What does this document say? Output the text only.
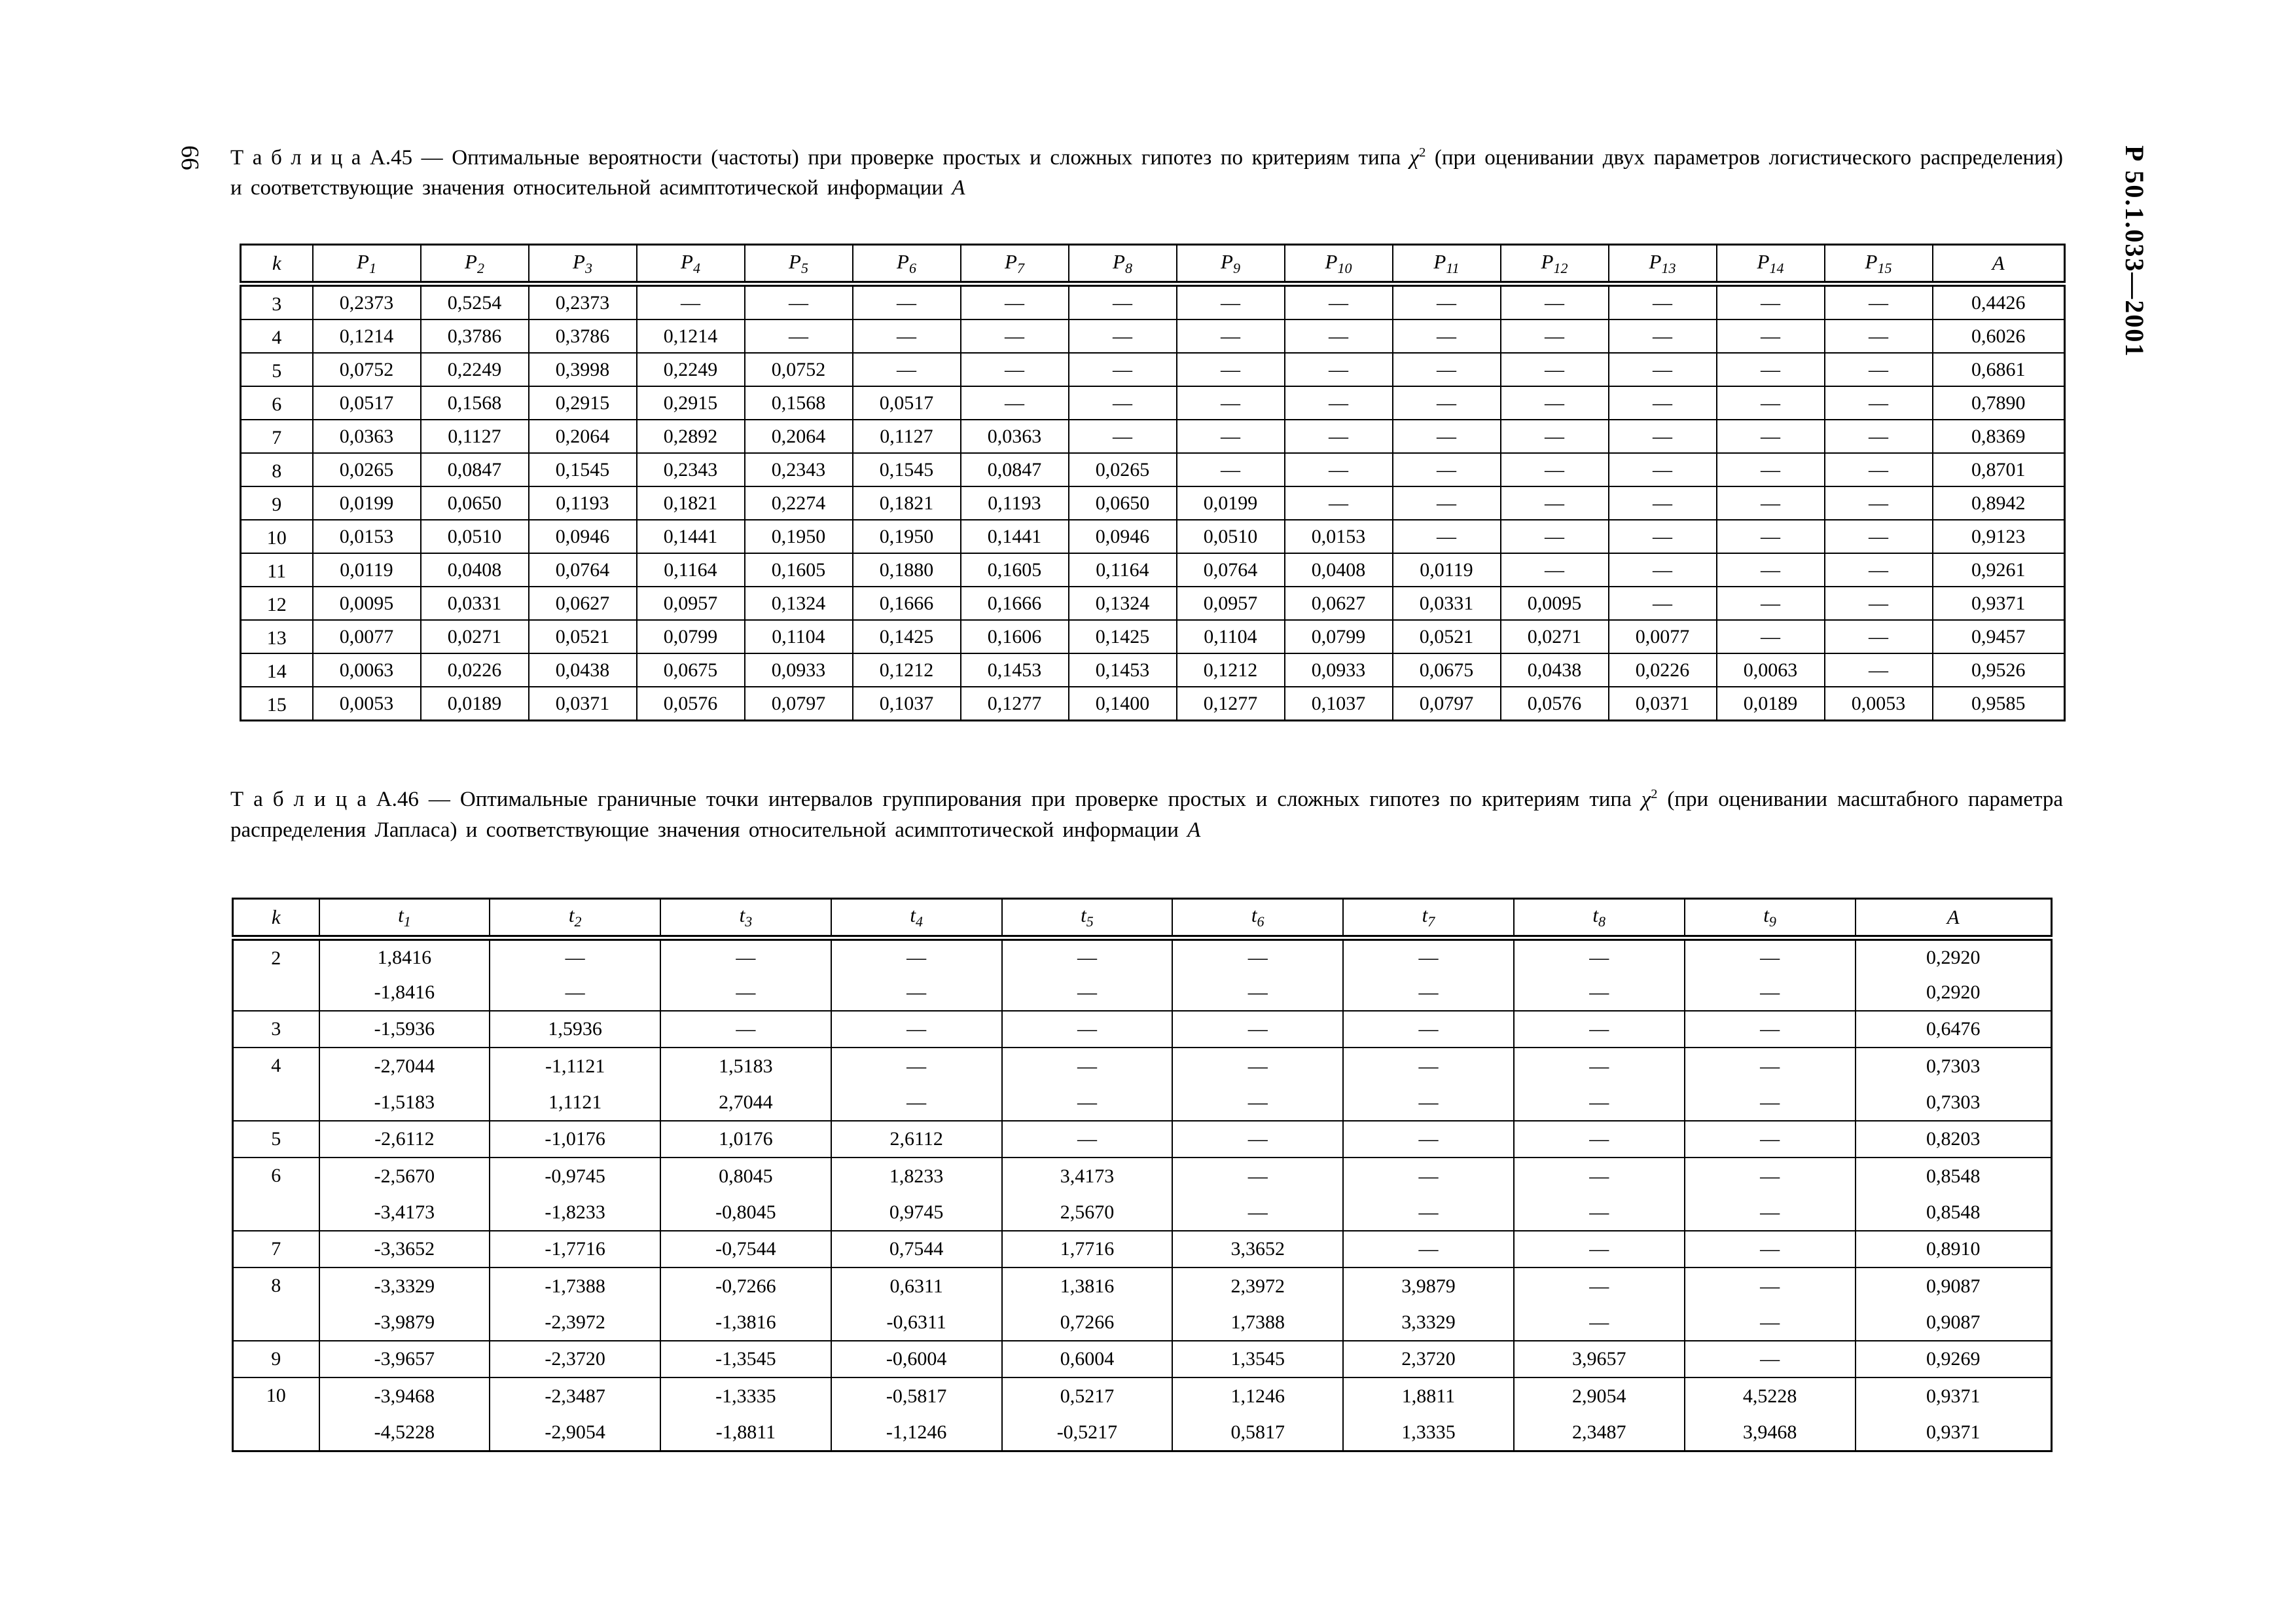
66	Р 50.1.033—2001

Т а б л и ц а А.45 — Оптимальные вероятности (частоты) при проверке простых и сложных гипотез по критериям типа $\chi^2$ (при оценивании двух параметров логистического распределения) и соответствующие значения относительной асимптотической информации А

k	$P_1$	$P_2$	$P_3$	$P_4$	$P_5$	$P_6$	$P_7$	$P_8$	$P_9$	$P_{10}$	$P_{11}$	$P_{12}$	$P_{13}$	$P_{14}$	$P_{15}$	A
3	0,2373	0,5254	0,2373	—	—	—	—	—	—	—	—	—	—	—	—	0,4426
4	0,1214	0,3786	0,3786	0,1214	—	—	—	—	—	—	—	—	—	—	—	0,6026
5	0,0752	0,2249	0,3998	0,2249	0,0752	—	—	—	—	—	—	—	—	—	—	0,6861
6	0,0517	0,1568	0,2915	0,2915	0,1568	0,0517	—	—	—	—	—	—	—	—	—	0,7890
7	0,0363	0,1127	0,2064	0,2892	0,2064	0,1127	0,0363	—	—	—	—	—	—	—	—	0,8369
8	0,0265	0,0847	0,1545	0,2343	0,2343	0,1545	0,0847	0,0265	—	—	—	—	—	—	—	0,8701
9	0,0199	0,0650	0,1193	0,1821	0,2274	0,1821	0,1193	0,0650	0,0199	—	—	—	—	—	—	0,8942
10	0,0153	0,0510	0,0946	0,1441	0,1950	0,1950	0,1441	0,0946	0,0510	0,0153	—	—	—	—	—	0,9123
11	0,0119	0,0408	0,0764	0,1164	0,1605	0,1880	0,1605	0,1164	0,0764	0,0408	0,0119	—	—	—	—	0,9261
12	0,0095	0,0331	0,0627	0,0957	0,1324	0,1666	0,1666	0,1324	0,0957	0,0627	0,0331	0,0095	—	—	—	0,9371
13	0,0077	0,0271	0,0521	0,0799	0,1104	0,1425	0,1606	0,1425	0,1104	0,0799	0,0521	0,0271	0,0077	—	—	0,9457
14	0,0063	0,0226	0,0438	0,0675	0,0933	0,1212	0,1453	0,1453	0,1212	0,0933	0,0675	0,0438	0,0226	0,0063	—	0,9526
15	0,0053	0,0189	0,0371	0,0576	0,0797	0,1037	0,1277	0,1400	0,1277	0,1037	0,0797	0,0576	0,0371	0,0189	0,0053	0,9585

Т а б л и ц а А.46 — Оптимальные граничные точки интервалов группирования при проверке простых и сложных гипотез по критериям типа $\chi^2$ (при оценивании масштабного параметра распределения Лапласа) и соответствующие значения относительной асимптотической информации А

k	$t_1$	$t_2$	$t_3$	$t_4$	$t_5$	$t_6$	$t_7$	$t_8$	$t_9$	A
2	1,8416	—	—	—	—	—	—	—	—	0,2920
	-1,8416	—	—	—	—	—	—	—	—	0,2920
3	-1,5936	1,5936	—	—	—	—	—	—	—	0,6476
4	-2,7044	-1,1121	1,5183	—	—	—	—	—	—	0,7303
	-1,5183	1,1121	2,7044	—	—	—	—	—	—	0,7303
5	-2,6112	-1,0176	1,0176	2,6112	—	—	—	—	—	0,8203
6	-2,5670	-0,9745	0,8045	1,8233	3,4173	—	—	—	—	0,8548
	-3,4173	-1,8233	-0,8045	0,9745	2,5670	—	—	—	—	0,8548
7	-3,3652	-1,7716	-0,7544	0,7544	1,7716	3,3652	—	—	—	0,8910
8	-3,3329	-1,7388	-0,7266	0,6311	1,3816	2,3972	3,9879	—	—	0,9087
	-3,9879	-2,3972	-1,3816	-0,6311	0,7266	1,7388	3,3329	—	—	0,9087
9	-3,9657	-2,3720	-1,3545	-0,6004	0,6004	1,3545	2,3720	3,9657	—	0,9269
10	-3,9468	-2,3487	-1,3335	-0,5817	0,5217	1,1246	1,8811	2,9054	4,5228	0,9371
	-4,5228	-2,9054	-1,8811	-1,1246	-0,5217	0,5817	1,3335	2,3487	3,9468	0,9371
